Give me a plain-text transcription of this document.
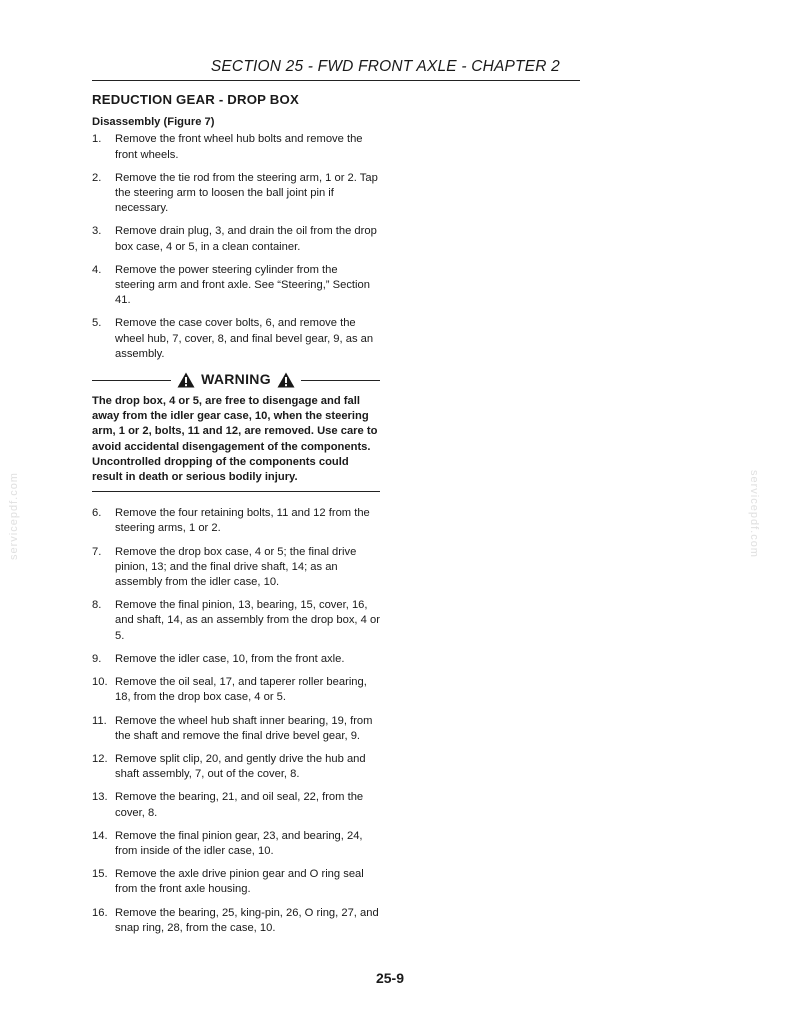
SECTION 25 - FWD FRONT AXLE - CHAPTER 2
REDUCTION GEAR - DROP BOX
Disassembly (Figure 7)
1.	Remove the front wheel hub bolts and remove the front wheels.
2.	Remove the tie rod from the steering arm, 1 or 2. Tap the steering arm to loosen the ball joint pin if necessary.
3.	Remove drain plug, 3, and drain the oil from the drop box case, 4 or 5, in a clean container.
4.	Remove the power steering cylinder from the steering arm and front axle. See “Steering,” Section 41.
5.	Remove the case cover bolts, 6, and remove the wheel hub, 7, cover, 8, and final bevel gear, 9, as an assembly.
WARNING
The drop box, 4 or 5, are free to disengage and fall away from the idler gear case, 10, when the steering arm, 1 or 2, bolts, 11 and 12, are removed. Use care to avoid accidental disengagement of the components. Uncontrolled dropping of the components could result in death or serious bodily injury.
6.	Remove the four retaining bolts, 11 and 12 from the steering arms, 1 or 2.
7.	Remove the drop box case, 4 or 5; the final drive pinion, 13; and the final drive shaft, 14; as an assembly from the idler case, 10.
8.	Remove the final pinion, 13, bearing, 15, cover, 16, and shaft, 14, as an assembly from the drop box, 4 or 5.
9.	Remove the idler case, 10, from the front axle.
10. Remove the oil seal, 17, and taperer roller bearing, 18, from the drop box case, 4 or 5.
11. Remove the wheel hub shaft inner bearing, 19, from the shaft and remove the final drive bevel gear, 9.
12. Remove split clip, 20, and gently drive the hub and shaft assembly, 7, out of the cover, 8.
13. Remove the bearing, 21, and oil seal, 22, from the cover, 8.
14. Remove the final pinion gear, 23, and bearing, 24, from inside of the idler case, 10.
15. Remove the axle drive pinion gear and O ring seal from the front axle housing.
16. Remove the bearing, 25, king-pin, 26, O ring, 27, and snap ring, 28, from the case, 10.
25-9
servicepdf.com	servicepdf.com
